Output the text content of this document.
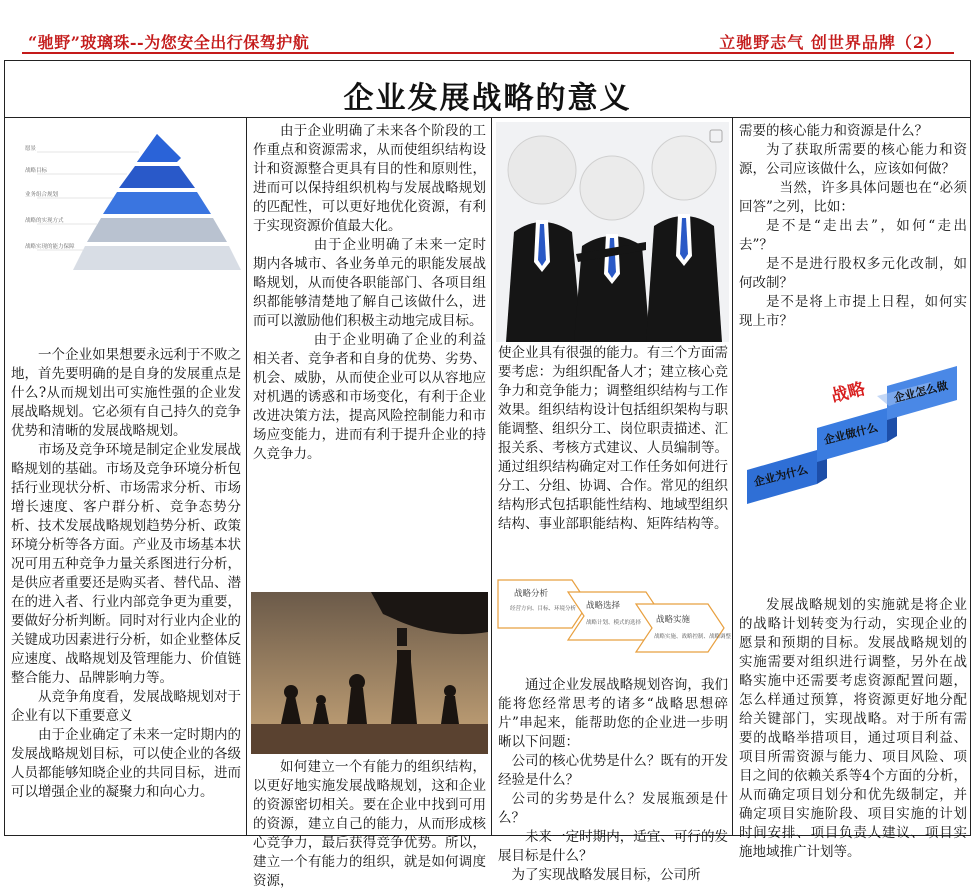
“驰野”玻璃珠--为您安全出行保驾护航	立驰野志气 创世界品牌（2）
企业发展战略的意义
愿景
战略目标
业务组合规划
战略的实现方式
战略实现的能力保障

一个企业如果想要永远利于不败之地，首先要明确的是自身的发展重点是什么?从而规划出可实施性强的企业发展战略规划。它必须有自己持久的竞争优势和清晰的发展战略规划。

市场及竞争环境是制定企业发展战略规划的基础。市场及竞争环境分析包括行业现状分析、市场需求分析、市场增长速度、客户群分析、竞争态势分析、技术发展战略规划趋势分析、政策环境分析等各方面。产业及市场基本状况可用五种竞争力量关系图进行分析，是供应者重要还是购买者、替代品、潜在的进入者、行业内部竞争更为重要，要做好分析判断。同时对行业内企业的关键成功因素进行分析，如企业整体反应速度、战略规划及管理能力、价值链整合能力、品牌影响力等。

从竞争角度看，发展战略规划对于企业有以下重要意义

由于企业确定了未来一定时期内的发展战略规划目标，可以使企业的各级人员都能够知晓企业的共同目标，进而可以增强企业的凝聚力和向心力。

由于企业明确了未来各个阶段的工作重点和资源需求，从而使组织结构设计和资源整合更具有目的性和原则性，进而可以保持组织机构与发展战略规划的匹配性，可以更好地优化资源，有利于实现资源价值最大化。

由于企业明确了未来一定时期内各城市、各业务单元的职能发展战略规划，从而使各职能部门、各项目组织都能够清楚地了解自己该做什么，进而可以激励他们积极主动地完成目标。

由于企业明确了企业的利益相关者、竞争者和自身的优势、劣势、机会、威胁，从而使企业可以从容地应对机遇的诱惑和市场变化，有利于企业改进决策方法，提高风险控制能力和市场应变能力，进而有利于提升企业的持久竞争力。

如何建立一个有能力的组织结构，以更好地实施发展战略规划，这和企业的资源密切相关。要在企业中找到可用的资源，建立自己的能力，从而形成核心竞争力，最后获得竞争优势。所以，建立一个有能力的组织，就是如何调度资源，

使企业具有很强的能力。有三个方面需要考虑：为组织配备人才；建立核心竞争力和竞争能力；调整组织结构与工作效果。组织结构设计包括组织架构与职能调整、组织分工、岗位职责描述、汇报关系、考核方式建议、人员编制等。通过组织结构确定对工作任务如何进行分工、分组、协调、合作。常见的组织结构形式包括职能性结构、地域型组织结构、事业部职能结构、矩阵结构等。

战略分析
经营方向、目标、环境分析 战略选择
战略计划、模式的选择 战略实施
战略实施、战略控制、战略调整

通过企业发展战略规划咨询，我们能将您经常思考的诸多“战略思想碎片”串起来，能帮助您的企业进一步明晰以下问题：

公司的核心优势是什么？既有的开发经验是什么？

公司的劣势是什么？发展瓶颈是什么？

未来一定时期内，适宜、可行的发展目标是什么？

为了实现战略发展目标，公司所

需要的核心能力和资源是什么？

为了获取所需要的核心能力和资源，公司应该做什么，应该如何做？

当然，许多具体问题也在“必须回答”之列，比如：

是不是“走出去”，如何“走出去”？

是不是进行股权多元化改制，如何改制？

是不是将上市提上日程，如何实现上市？

企业为什么
企业做什么
企业怎么做
战略

发展战略规划的实施就是将企业的战略计划转变为行动，实现企业的愿景和预期的目标。发展战略规划的实施需要对组织进行调整，另外在战略实施中还需要考虑资源配置问题，怎么样通过预算，将资源更好地分配给关键部门，实现战略。对于所有需要的战略举措项目，通过项目利益、项目所需资源与能力、项目风险、项目之间的依赖关系等4个方面的分析，从而确定项目划分和优先级制定，并确定项目实施阶段、项目实施的计划时间安排、项目负责人建议、项目实施地域推广计划等。
